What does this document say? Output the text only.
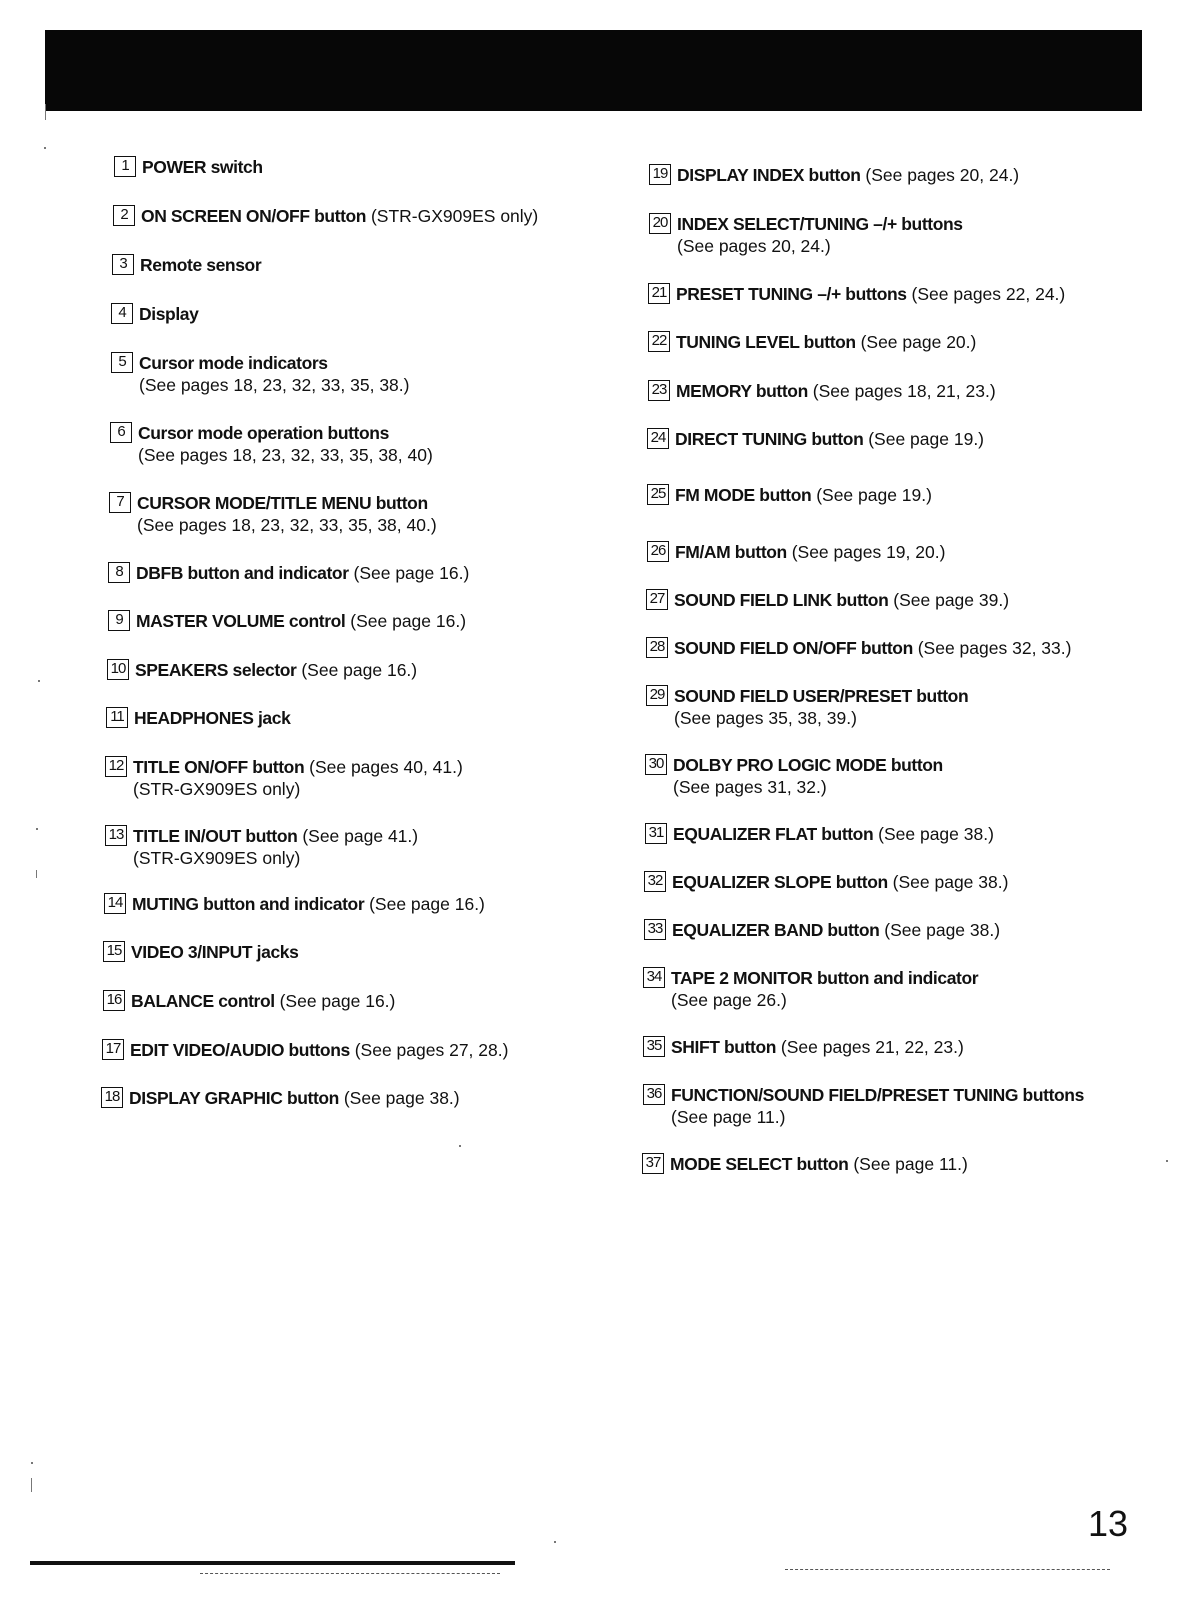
1 POWER switch
2 ON SCREEN ON/OFF button (STR-GX909ES only)
3 Remote sensor
4 Display
5 Cursor mode indicators
(See pages 18, 23, 32, 33, 35, 38.)
6 Cursor mode operation buttons
(See pages 18, 23, 32, 33, 35, 38, 40)
7 CURSOR MODE/TITLE MENU button
(See pages 18, 23, 32, 33, 35, 38, 40.)
8 DBFB button and indicator (See page 16.)
9 MASTER VOLUME control (See page 16.)
10 SPEAKERS selector (See page 16.)
11 HEADPHONES jack
12 TITLE ON/OFF button (See pages 40, 41.)
(STR-GX909ES only)
13 TITLE IN/OUT button (See page 41.)
(STR-GX909ES only)
14 MUTING button and indicator (See page 16.)
15 VIDEO 3/INPUT jacks
16 BALANCE control (See page 16.)
17 EDIT VIDEO/AUDIO buttons (See pages 27, 28.)
18 DISPLAY GRAPHIC button (See page 38.)
19 DISPLAY INDEX button (See pages 20, 24.)
20 INDEX SELECT/TUNING –/+ buttons
(See pages 20, 24.)
21 PRESET TUNING –/+ buttons (See pages 22, 24.)
22 TUNING LEVEL button (See page 20.)
23 MEMORY button (See pages 18, 21, 23.)
24 DIRECT TUNING button (See page 19.)
25 FM MODE button (See page 19.)
26 FM/AM button (See pages 19, 20.)
27 SOUND FIELD LINK button (See page 39.)
28 SOUND FIELD ON/OFF button (See pages 32, 33.)
29 SOUND FIELD USER/PRESET button
(See pages 35, 38, 39.)
30 DOLBY PRO LOGIC MODE button
(See pages 31, 32.)
31 EQUALIZER FLAT button (See page 38.)
32 EQUALIZER SLOPE button (See page 38.)
33 EQUALIZER BAND button (See page 38.)
34 TAPE 2 MONITOR button and indicator
(See page 26.)
35 SHIFT button (See pages 21, 22, 23.)
36 FUNCTION/SOUND FIELD/PRESET TUNING buttons
(See page 11.)
37 MODE SELECT button (See page 11.)
13
